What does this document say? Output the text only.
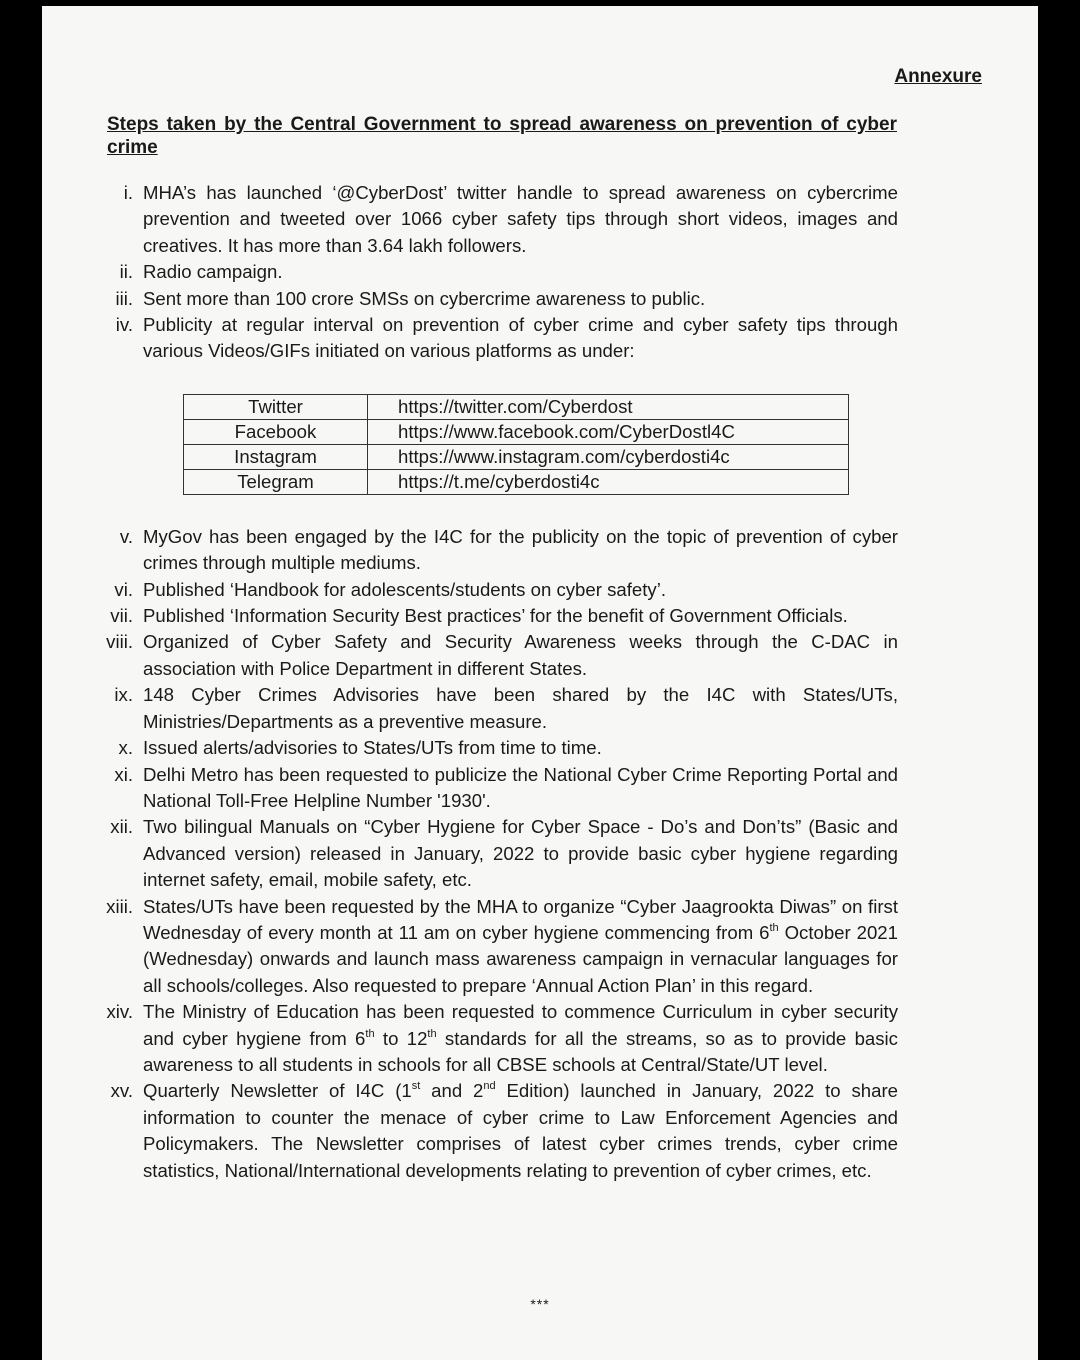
Annexure
Steps taken by the Central Government to spread awareness on prevention of cyber crime
i. MHA’s has launched ‘@CyberDost’ twitter handle to spread awareness on cybercrime prevention and tweeted over 1066 cyber safety tips through short videos, images and creatives. It has more than 3.64 lakh followers.
ii. Radio campaign.
iii. Sent more than 100 crore SMSs on cybercrime awareness to public.
iv. Publicity at regular interval on prevention of cyber crime and cyber safety tips through various Videos/GIFs initiated on various platforms as under:
Twitter	https://twitter.com/Cyberdost
Facebook	https://www.facebook.com/CyberDostl4C
Instagram	https://www.instagram.com/cyberdosti4c
Telegram	https://t.me/cyberdosti4c
v. MyGov has been engaged by the I4C for the publicity on the topic of prevention of cyber crimes through multiple mediums.
vi. Published ‘Handbook for adolescents/students on cyber safety’.
vii. Published ‘Information Security Best practices’ for the benefit of Government Officials.
viii. Organized of Cyber Safety and Security Awareness weeks through the C-DAC in association with Police Department in different States.
ix. 148 Cyber Crimes Advisories have been shared by the I4C with States/UTs, Ministries/Departments as a preventive measure.
x. Issued alerts/advisories to States/UTs from time to time.
xi. Delhi Metro has been requested to publicize the National Cyber Crime Reporting Portal and National Toll-Free Helpline Number '1930'.
xii. Two bilingual Manuals on “Cyber Hygiene for Cyber Space - Do’s and Don’ts” (Basic and Advanced version) released in January, 2022 to provide basic cyber hygiene regarding internet safety, email, mobile safety, etc.
xiii. States/UTs have been requested by the MHA to organize “Cyber Jaagrookta Diwas” on first Wednesday of every month at 11 am on cyber hygiene commencing from 6th October 2021 (Wednesday) onwards and launch mass awareness campaign in vernacular languages for all schools/colleges. Also requested to prepare ‘Annual Action Plan’ in this regard.
xiv. The Ministry of Education has been requested to commence Curriculum in cyber security and cyber hygiene from 6th to 12th standards for all the streams, so as to provide basic awareness to all students in schools for all CBSE schools at Central/State/UT level.
xv. Quarterly Newsletter of I4C (1st and 2nd Edition) launched in January, 2022 to share information to counter the menace of cyber crime to Law Enforcement Agencies and Policymakers. The Newsletter comprises of latest cyber crimes trends, cyber crime statistics, National/International developments relating to prevention of cyber crimes, etc.
***
